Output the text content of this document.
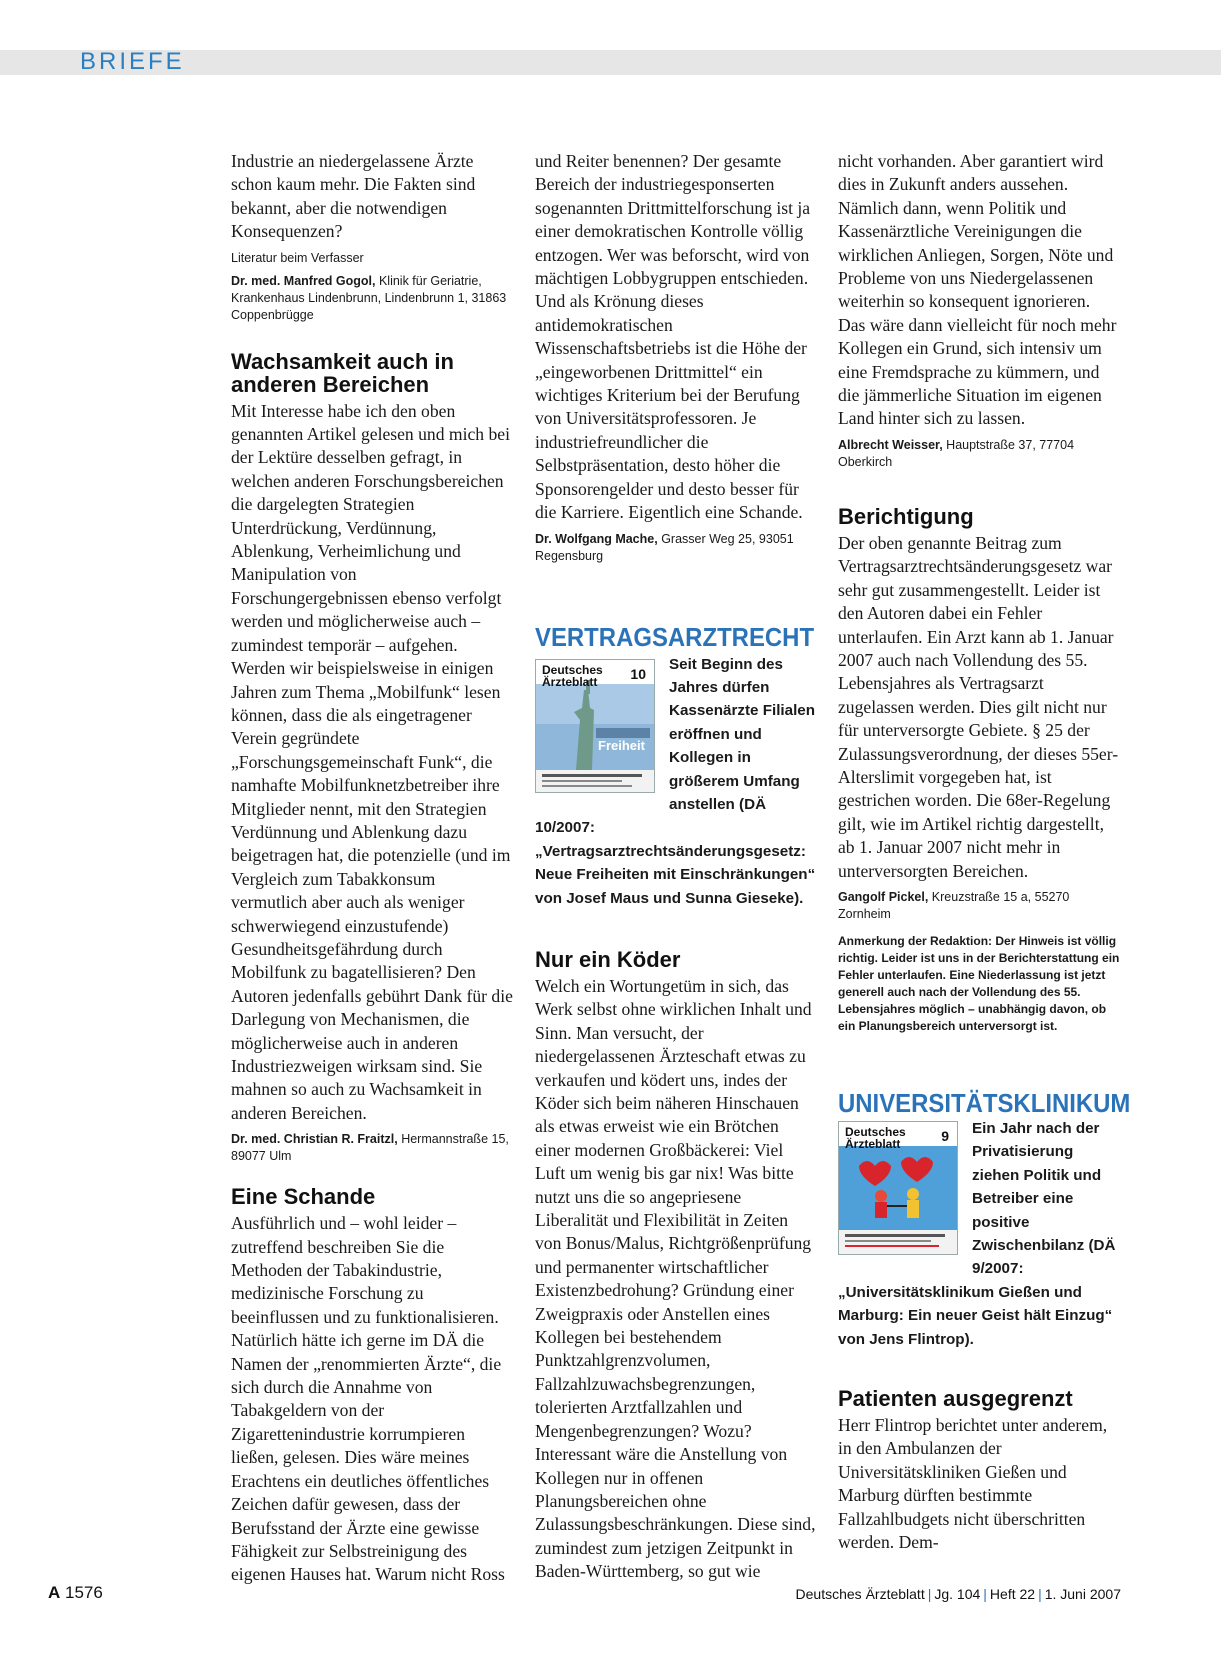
BRIEFE

Industrie an niedergelassene Ärzte schon kaum mehr. Die Fakten sind bekannt, aber die notwendigen Konsequenzen?

Literatur beim Verfasser

Dr. med. Manfred Gogol, Klinik für Geriatrie, Krankenhaus Lindenbrunn, Lindenbrunn 1, 31863 Coppenbrügge

Wachsamkeit auch in anderen Bereichen

Mit Interesse habe ich den oben genannten Artikel gelesen und mich bei der Lektüre desselben gefragt, in welchen anderen Forschungsbereichen die dargelegten Strategien Unterdrückung, Verdünnung, Ablenkung, Verheimlichung und Manipulation von Forschungergebnissen ebenso verfolgt werden und möglicherweise auch – zumindest temporär – aufgehen. Werden wir beispielsweise in einigen Jahren zum Thema „Mobilfunk“ lesen können, dass die als eingetragener Verein gegründete „Forschungsgemeinschaft Funk“, die namhafte Mobilfunknetzbetreiber ihre Mitglieder nennt, mit den Strategien Verdünnung und Ablenkung dazu beigetragen hat, die potenzielle (und im Vergleich zum Tabakkonsum vermutlich aber auch als weniger schwerwiegend einzustufende) Gesundheitsgefährdung durch Mobilfunk zu bagatellisieren? Den Autoren jedenfalls gebührt Dank für die Darlegung von Mechanismen, die möglicherweise auch in anderen Industriezweigen wirksam sind. Sie mahnen so auch zu Wachsamkeit in anderen Bereichen.

Dr. med. Christian R. Fraitzl, Hermannstraße 15, 89077 Ulm

Eine Schande

Ausführlich und – wohl leider – zutreffend beschreiben Sie die Methoden der Tabakindustrie, medizinische Forschung zu beeinflussen und zu funktionalisieren. Natürlich hätte ich gerne im DÄ die Namen der „renommierten Ärzte“, die sich durch die Annahme von Tabakgeldern von der Zigarettenindustrie korrumpieren ließen, gelesen. Dies wäre meines Erachtens ein deutliches öffentliches Zeichen dafür gewesen, dass der Berufsstand der Ärzte eine gewisse Fähigkeit zur Selbstreinigung des eigenen Hauses hat. Warum nicht Ross

und Reiter benennen? Der gesamte Bereich der industriegesponserten sogenannten Drittmittelforschung ist ja einer demokratischen Kontrolle völlig entzogen. Wer was beforscht, wird von mächtigen Lobbygruppen entschieden. Und als Krönung dieses antidemokratischen Wissenschaftsbetriebs ist die Höhe der „eingeworbenen Drittmittel“ ein wichtiges Kriterium bei der Berufung von Universitätsprofessoren. Je industriefreundlicher die Selbstpräsentation, desto höher die Sponsorengelder und desto besser für die Karriere. Eigentlich eine Schande.

Dr. Wolfgang Mache, Grasser Weg 25, 93051 Regensburg

VERTRAGSARZTRECHT
Deutsches Ärzteblatt	10
Freiheit

Seit Beginn des Jahres dürfen Kassenärzte Filialen eröffnen und Kollegen in größerem Umfang anstellen (DÄ 10/2007: „Vertragsarztrechtsänderungsgesetz: Neue Freiheiten mit Einschränkungen“ von Josef Maus und Sunna Gieseke).

Nur ein Köder

Welch ein Wortungetüm in sich, das Werk selbst ohne wirklichen Inhalt und Sinn. Man versucht, der niedergelassenen Ärzteschaft etwas zu verkaufen und ködert uns, indes der Köder sich beim näheren Hinschauen als etwas erweist wie ein Brötchen einer modernen Großbäckerei: Viel Luft um wenig bis gar nix! Was bitte nutzt uns die so angepriesene Liberalität und Flexibilität in Zeiten von Bonus/Malus, Richtgrößenprüfung und permanenter wirtschaftlicher Existenzbedrohung? Gründung einer Zweigpraxis oder Anstellen eines Kollegen bei bestehendem Punktzahlgrenzvolumen, Fallzahlzuwachsbegrenzungen, tolerierten Arztfallzahlen und Mengenbegrenzungen? Wozu? Interessant wäre die Anstellung von Kollegen nur in offenen Planungsbereichen ohne Zulassungsbeschränkungen. Diese sind, zumindest zum jetzigen Zeitpunkt in Baden-Württemberg, so gut wie

nicht vorhanden. Aber garantiert wird dies in Zukunft anders aussehen. Nämlich dann, wenn Politik und Kassenärztliche Vereinigungen die wirklichen Anliegen, Sorgen, Nöte und Probleme von uns Niedergelassenen weiterhin so konsequent ignorieren. Das wäre dann vielleicht für noch mehr Kollegen ein Grund, sich intensiv um eine Fremdsprache zu kümmern, und die jämmerliche Situation im eigenen Land hinter sich zu lassen.

Albrecht Weisser, Hauptstraße 37, 77704 Oberkirch

Berichtigung

Der oben genannte Beitrag zum Vertragsarztrechtsänderungsgesetz war sehr gut zusammengestellt. Leider ist den Autoren dabei ein Fehler unterlaufen. Ein Arzt kann ab 1. Januar 2007 auch nach Vollendung des 55. Lebensjahres als Vertragsarzt zugelassen werden. Dies gilt nicht nur für unterversorgte Gebiete. § 25 der Zulassungsverordnung, der dieses 55er-Alterslimit vorgegeben hat, ist gestrichen worden. Die 68er-Regelung gilt, wie im Artikel richtig dargestellt, ab 1. Januar 2007 nicht mehr in unterversorgten Bereichen.

Gangolf Pickel, Kreuzstraße 15 a, 55270 Zornheim

Anmerkung der Redaktion: Der Hinweis ist völlig richtig. Leider ist uns in der Berichterstattung ein Fehler unterlaufen. Eine Niederlassung ist jetzt generell auch nach der Vollendung des 55. Lebensjahres möglich – unabhängig davon, ob ein Planungsbereich unterversorgt ist.

UNIVERSITÄTSKLINIKUM
Deutsches Ärzteblatt	9	Ein Jahr nach der Privatisierung ziehen Politik und Betreiber eine positive Zwischenbilanz (DÄ 9/2007: „Universitätsklinikum Gießen und Marburg: Ein neuer Geist hält Einzug“ von Jens Flintrop).

Patienten ausgegrenzt

Herr Flintrop berichtet unter anderem, in den Ambulanzen der Universitätskliniken Gießen und Marburg dürften bestimmte Fallzahlbudgets nicht überschritten werden. Dem-

A 1576	Deutsches Ärzteblatt | Jg. 104 | Heft 22 | 1. Juni 2007
